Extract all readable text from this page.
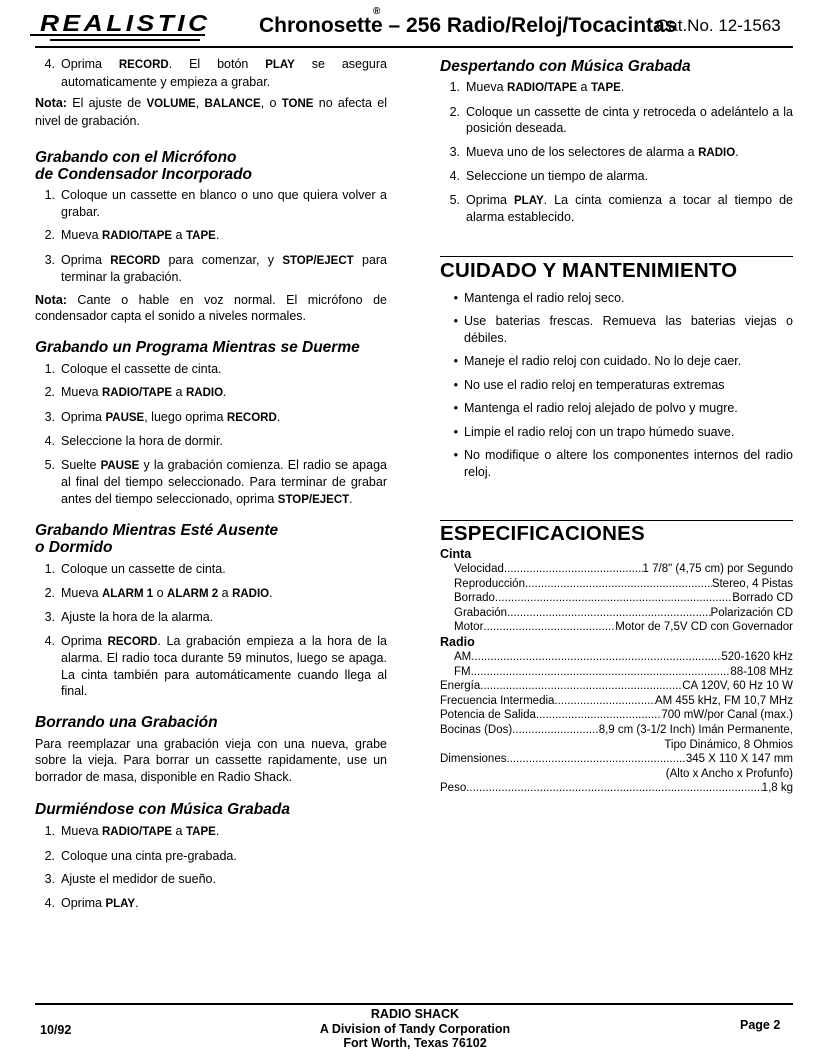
REALISTIC Chronosette – 256 Radio/Reloj/Tocacintas
®
Cat.No. 12-1563
4. Oprima RECORD. El botón PLAY se asegura automaticamente y empieza a grabar.

Nota: El ajuste de VOLUME, BALANCE, o TONE no afecta el nivel de grabación.

Grabando con el Micrófono
de Condensador Incorporado
1. Coloque un cassette en blanco o uno que quiera volver a grabar.
2. Mueva RADIO/TAPE a TAPE.
3. Oprima RECORD para comenzar, y STOP/EJECT para terminar la grabación.

Nota: Cante o hable en voz normal. El micrófono de condensador capta el sonido a niveles normales.

Grabando un Programa Mientras se Duerme
1. Coloque el cassette de cinta.
2. Mueva RADIO/TAPE a RADIO.
3. Oprima PAUSE, luego oprima RECORD.
4. Seleccione la hora de dormir.
5. Suelte PAUSE y la grabación comienza. El radio se apaga al final del tiempo seleccionado. Para terminar de grabar antes del tiempo seleccionado, oprima STOP/EJECT.
Grabando Mientras Esté Ausente
o Dormido
1. Coloque un cassette de cinta.
2. Mueva ALARM 1 o ALARM 2 a RADIO.
3. Ajuste la hora de la alarma.
4. Oprima RECORD. La grabación empieza a la hora de la alarma. El radio toca durante 59 minutos, luego se apaga. La cinta también para automáticamente cuando llega al final.
Borrando una Grabación

Para reemplazar una grabación vieja con una nueva, grabe sobre la vieja. Para borrar un cassette rapidamente, use un borrador de masa, disponible en Radio Shack.

Durmiéndose con Música Grabada
1. Mueva RADIO/TAPE a TAPE.
2. Coloque una cinta pre-grabada.
3. Ajuste el medidor de sueño.
4. Oprima PLAY.
Despertando con Música Grabada
1. Mueva RADIO/TAPE a TAPE.
2. Coloque un cassette de cinta y retroceda o adelántelo a la posición deseada.
3. Mueva uno de los selectores de alarma a RADIO.
4. Seleccione un tiempo de alarma.
5. Oprima PLAY. La cinta comienza a tocar al tiempo de alarma establecido.
CUIDADO Y MANTENIMIENTO
• Mantenga el radio reloj seco.
• Use baterias frescas. Remueva las baterias viejas o débiles.
• Maneje el radio reloj con cuidado. No lo deje caer.
• No use el radio reloj en temperaturas extremas
• Mantenga el radio reloj alejado de polvo y mugre.
• Limpie el radio reloj con un trapo húmedo suave.
• No modifique o altere los componentes internos del radio reloj.
ESPECIFICACIONES
Cinta
Velocidad .....	1 7/8" (4,75 cm) por Segundo
Reproducción .....	Stereo, 4 Pistas
Borrado .....	Borrado CD
Grabación .....	Polarización CD
Motor .....	Motor de 7,5V CD con Governador
Radio
AM .....	520-1620 kHz
FM .....	88-108 MHz
Energía .....	CA 120V, 60 Hz 10 W
Frecuencia Intermedia .....	AM 455 kHz, FM 10,7 MHz
Potencia de Salida .....	700 mW/por Canal (max.)
Bocinas (Dos) .....	8,9 cm (3-1/2 Inch) Imán Permanente,
Tipo Dinámico, 8 Ohmios
Dimensiones .....	345 X 110 X 147 mm
(Alto x Ancho x Profunfo)
Peso .....	1,8 kg
10/92
RADIO SHACK
A Division of Tandy Corporation
Fort Worth, Texas 76102
Page 2
